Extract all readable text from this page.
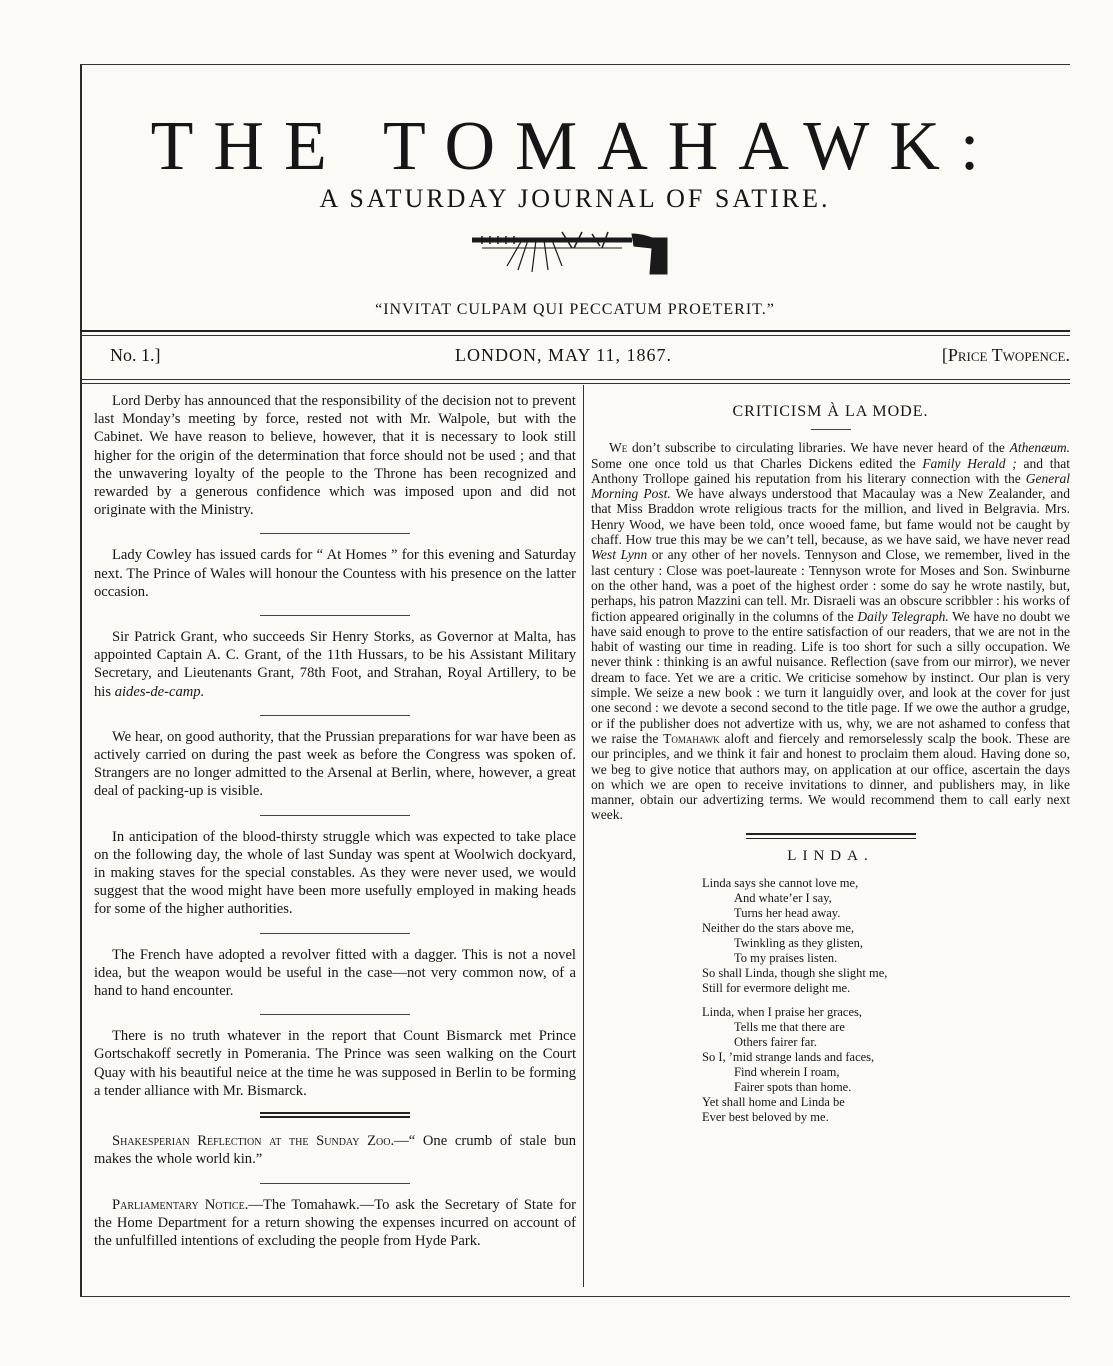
THE TOMAHAWK:
A SATURDAY JOURNAL OF SATIRE.
“INVITAT CULPAM QUI PECCATUM PROETERIT.”
No. 1.]	LONDON, MAY 11, 1867.	[Price Twopence.

Lord Derby has announced that the responsibility of the decision not to prevent last Monday’s meeting by force, rested not with Mr. Walpole, but with the Cabinet. We have reason to believe, however, that it is necessary to look still higher for the origin of the determination that force should not be used ; and that the unwavering loyalty of the people to the Throne has been recognized and rewarded by a generous confidence which was imposed upon and did not originate with the Ministry.

Lady Cowley has issued cards for “ At Homes ” for this evening and Saturday next. The Prince of Wales will honour the Countess with his presence on the latter occasion.

Sir Patrick Grant, who succeeds Sir Henry Storks, as Governor at Malta, has appointed Captain A. C. Grant, of the 11th Hussars, to be his Assistant Military Secretary, and Lieutenants Grant, 78th Foot, and Strahan, Royal Artillery, to be his aides-de-camp.

We hear, on good authority, that the Prussian preparations for war have been as actively carried on during the past week as before the Congress was spoken of. Strangers are no longer admitted to the Arsenal at Berlin, where, however, a great deal of packing-up is visible.

In anticipation of the blood-thirsty struggle which was expected to take place on the following day, the whole of last Sunday was spent at Woolwich dockyard, in making staves for the special constables. As they were never used, we would suggest that the wood might have been more usefully employed in making heads for some of the higher authorities.

The French have adopted a revolver fitted with a dagger. This is not a novel idea, but the weapon would be useful in the case—not very common now, of a hand to hand encounter.

There is no truth whatever in the report that Count Bismarck met Prince Gortschakoff secretly in Pomerania. The Prince was seen walking on the Court Quay with his beautiful neice at the time he was supposed in Berlin to be forming a tender alliance with Mr. Bismarck.

Shakesperian Reflection at the Sunday Zoo.—“ One crumb of stale bun makes the whole world kin.”

Parliamentary Notice.—The Tomahawk.—To ask the Secretary of State for the Home Department for a return showing the expenses incurred on account of the unfulfilled intentions of excluding the people from Hyde Park.

CRITICISM À LA MODE.

We don’t subscribe to circulating libraries. We have never heard of the Athenæum. Some one once told us that Charles Dickens edited the Family Herald ; and that Anthony Trollope gained his reputation from his literary connection with the General Morning Post. We have always understood that Macaulay was a New Zealander, and that Miss Braddon wrote religious tracts for the million, and lived in Belgravia. Mrs. Henry Wood, we have been told, once wooed fame, but fame would not be caught by chaff. How true this may be we can’t tell, because, as we have said, we have never read West Lynn or any other of her novels. Tennyson and Close, we remember, lived in the last century : Close was poet-laureate : Tennyson wrote for Moses and Son. Swinburne on the other hand, was a poet of the highest order : some do say he wrote nastily, but, perhaps, his patron Mazzini can tell. Mr. Disraeli was an obscure scribbler : his works of fiction appeared originally in the columns of the Daily Telegraph. We have no doubt we have said enough to prove to the entire satisfaction of our readers, that we are not in the habit of wasting our time in reading. Life is too short for such a silly occupation. We never think : thinking is an awful nuisance. Reflection (save from our mirror), we never dream to face. Yet we are a critic. We criticise somehow by instinct. Our plan is very simple. We seize a new book : we turn it languidly over, and look at the cover for just one second : we devote a second second to the title page. If we owe the author a grudge, or if the publisher does not advertize with us, why, we are not ashamed to confess that we raise the Tomahawk aloft and fiercely and remorselessly scalp the book. These are our principles, and we think it fair and honest to proclaim them aloud. Having done so, we beg to give notice that authors may, on application at our office, ascertain the days on which we are open to receive invitations to dinner, and publishers may, in like manner, obtain our advertizing terms. We would recommend them to call early next week.

LINDA.
Linda says she cannot love me,
And whate’er I say,
Turns her head away.
Neither do the stars above me,
Twinkling as they glisten,
To my praises listen.
So shall Linda, though she slight me,
Still for evermore delight me.
Linda, when I praise her graces,
Tells me that there are
Others fairer far.
So I, ’mid strange lands and faces,
Find wherein I roam,
Fairer spots than home.
Yet shall home and Linda be
Ever best beloved by me.
